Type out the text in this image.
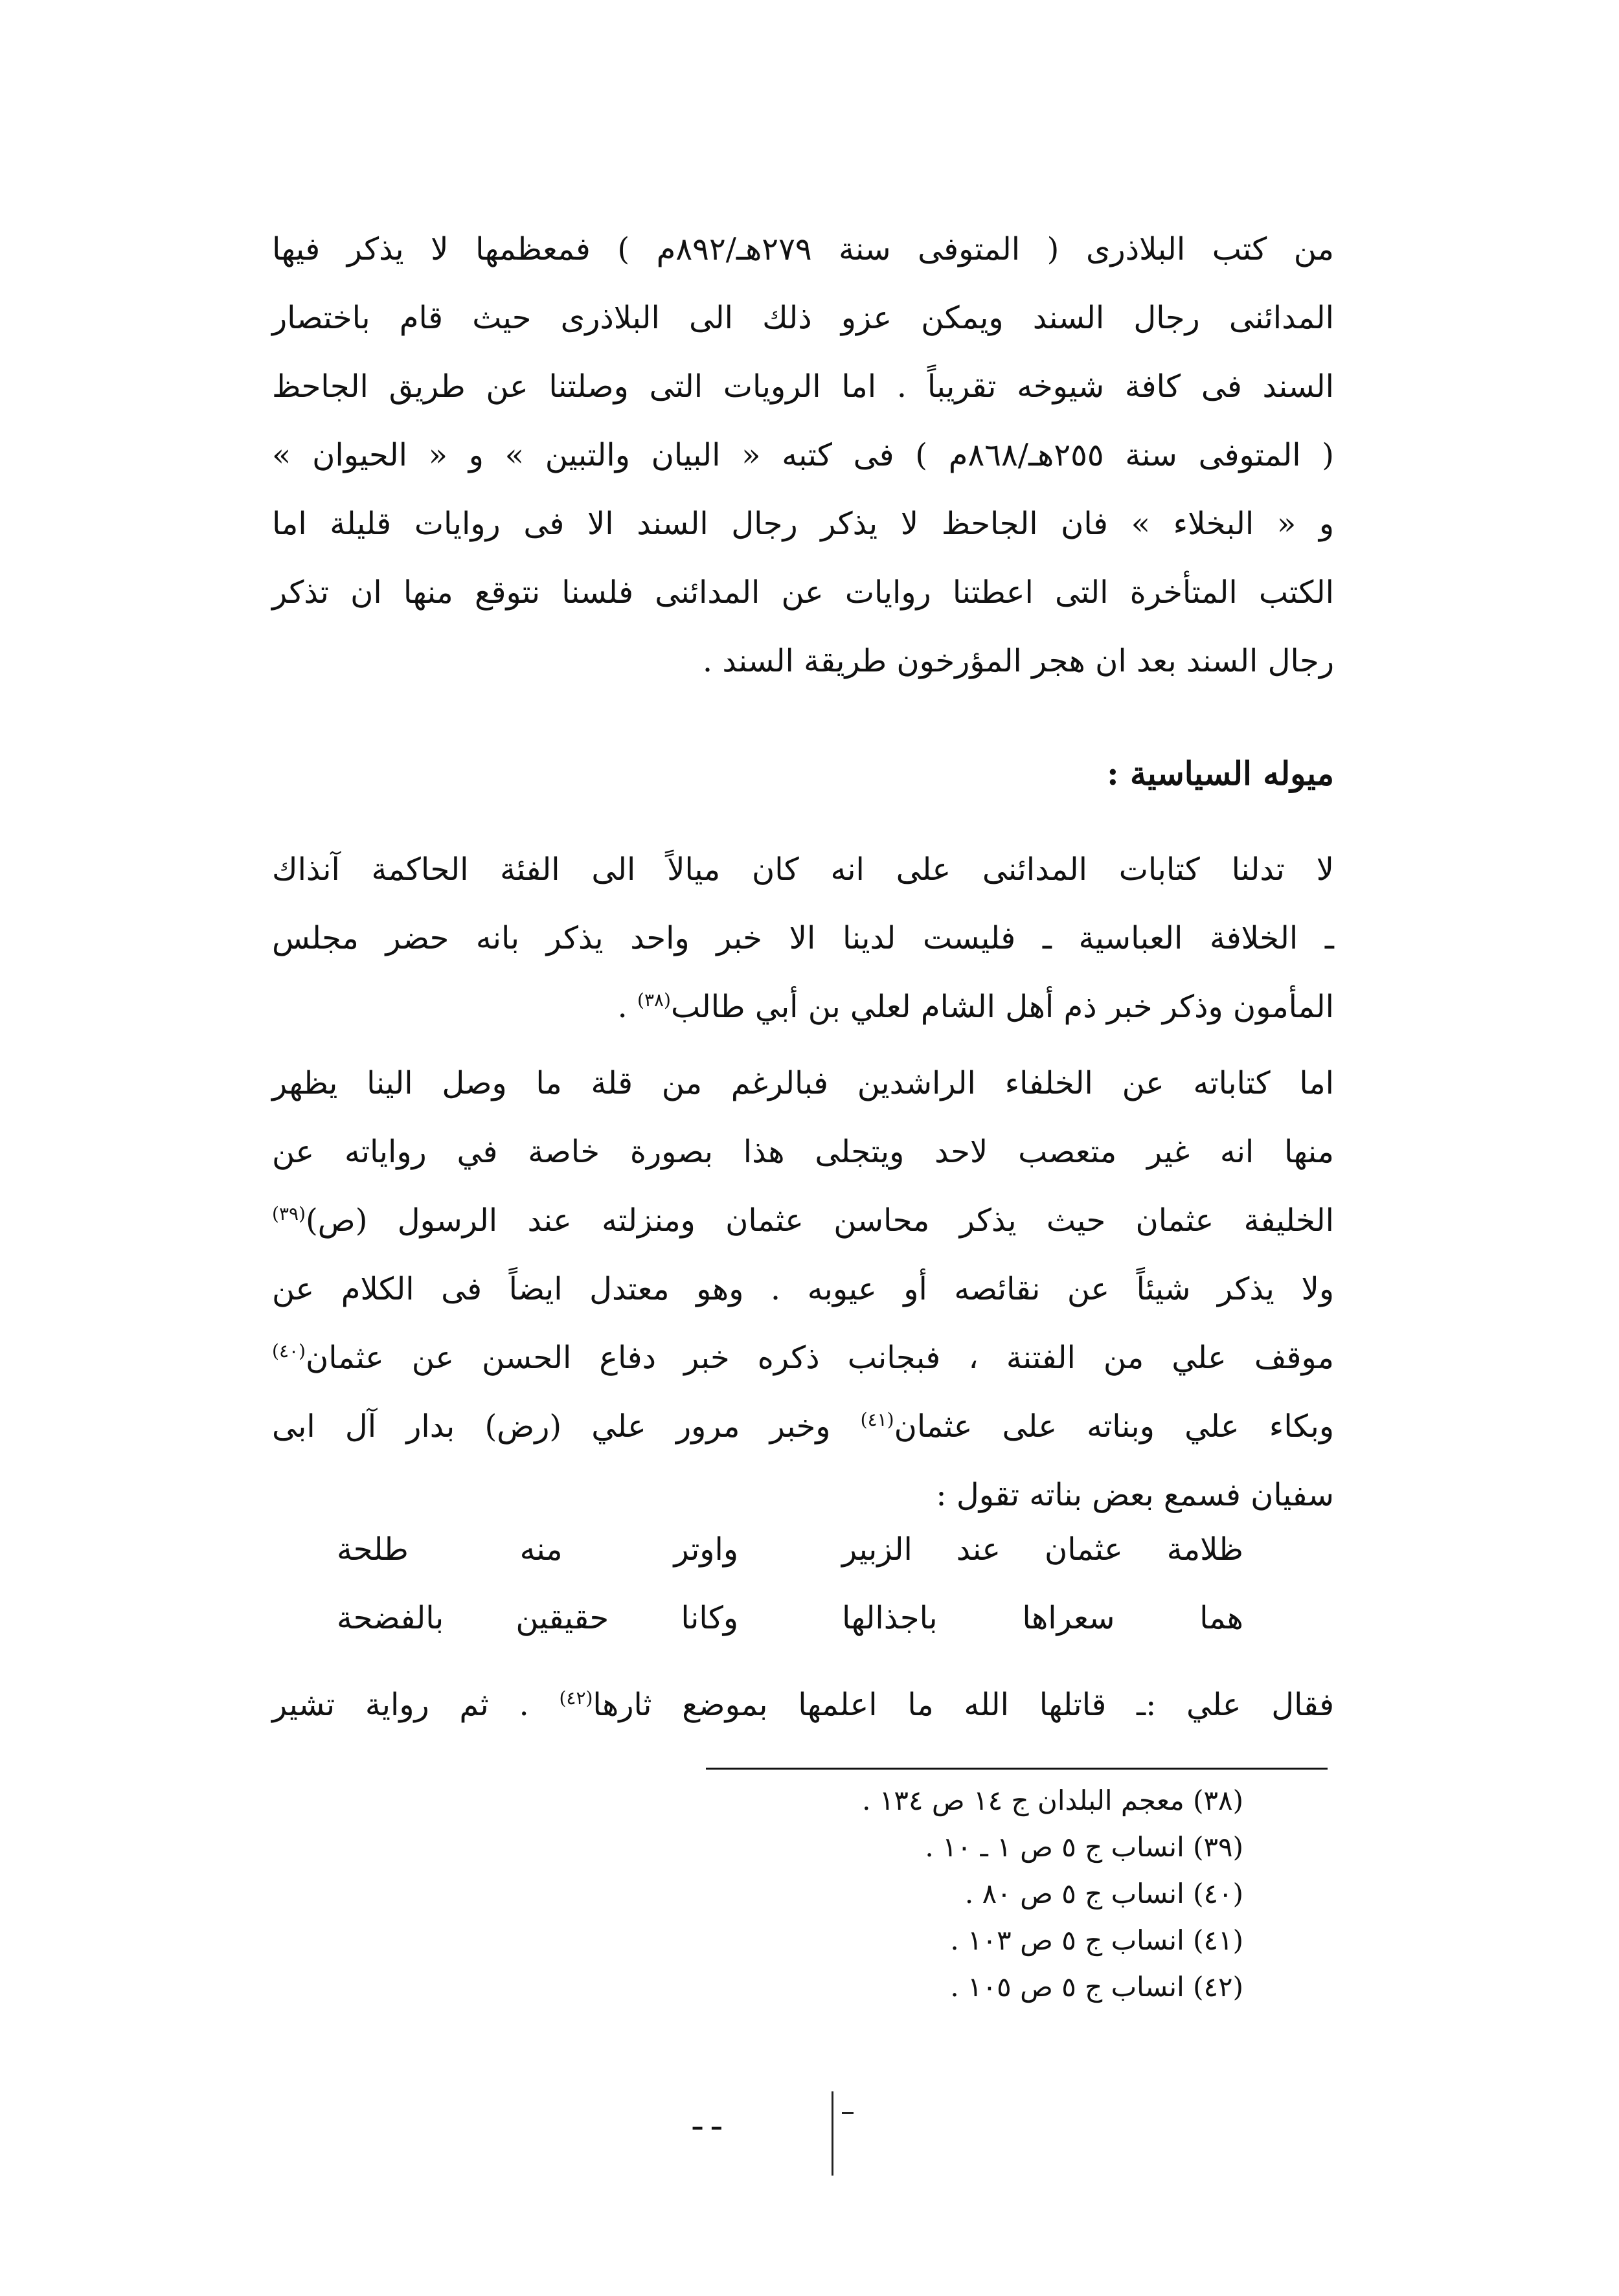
من كتب البلاذرى ( المتوفى سنة ٢٧٩هـ/٨٩٢م ) فمعظمها لا يذكر فيها
المدائنى رجال السند ويمكن عزو ذلك الى البلاذرى حيث قام باختصار
السند فى كافة شيوخه تقريباً . اما الرويات التى وصلتنا عن طريق الجاحظ
( المتوفى سنة ٢٥٥هـ/٨٦٨م ) فى كتبه « البيان والتبين » و « الحيوان »
و « البخلاء » فان الجاحظ لا يذكر رجال السند الا فى روايات قليلة اما
الكتب المتأخرة التى اعطتنا روايات عن المدائنى فلسنا نتوقع منها ان تذكر
رجال السند بعد ان هجر المؤرخون طريقة السند .
ميوله السياسية :
لا تدلنا كتابات المدائنى على انه كان ميالاً الى الفئة الحاكمة آنذاك
ـ الخلافة العباسية ـ فليست لدينا الا خبر واحد يذكر بانه حضر مجلس
المأمون وذكر خبر ذم أهل الشام لعلي بن أبي طالب$^{(٣٨)}$ .
اما كتاباته عن الخلفاء الراشدين فبالرغم من قلة ما وصل الينا يظهر
منها انه غير متعصب لاحد ويتجلى هذا بصورة خاصة في رواياته عن
الخليفة عثمان حيث يذكر محاسن عثمان ومنزلته عند الرسول (ص)$^{(٣٩)}$
ولا يذكر شيئاً عن نقائصه أو عيوبه . وهو معتدل ايضاً فى الكلام عن
موقف علي من الفتنة ، فبجانب ذكره خبر دفاع الحسن عن عثمان$^{(٤٠)}$
وبكاء علي وبناته على عثمان$^{(٤١)}$ وخبر مرور علي (رض) بدار آل ابى
سفيان فسمع بعض بناته تقول :
ظلامة عثمان عند الزبير
واوتر منه طلحة
هما سعراها باجذالها
وكانا حقيقين بالفضحة
فقال علي :ـ قاتلها الله ما اعلمها بموضع ثارها$^{(٤٢)}$ . ثم رواية تشير
(٣٨) معجم البلدان ج ١٤ ص ١٣٤ .
(٣٩) انساب ج ٥ ص ١ ـ ١٠ .
(٤٠) انساب ج ٥ ص ٨٠ .
(٤١) انساب ج ٥ ص ١٠٣ .
(٤٢) انساب ج ٥ ص ١٠٥ .
ـ ـ
